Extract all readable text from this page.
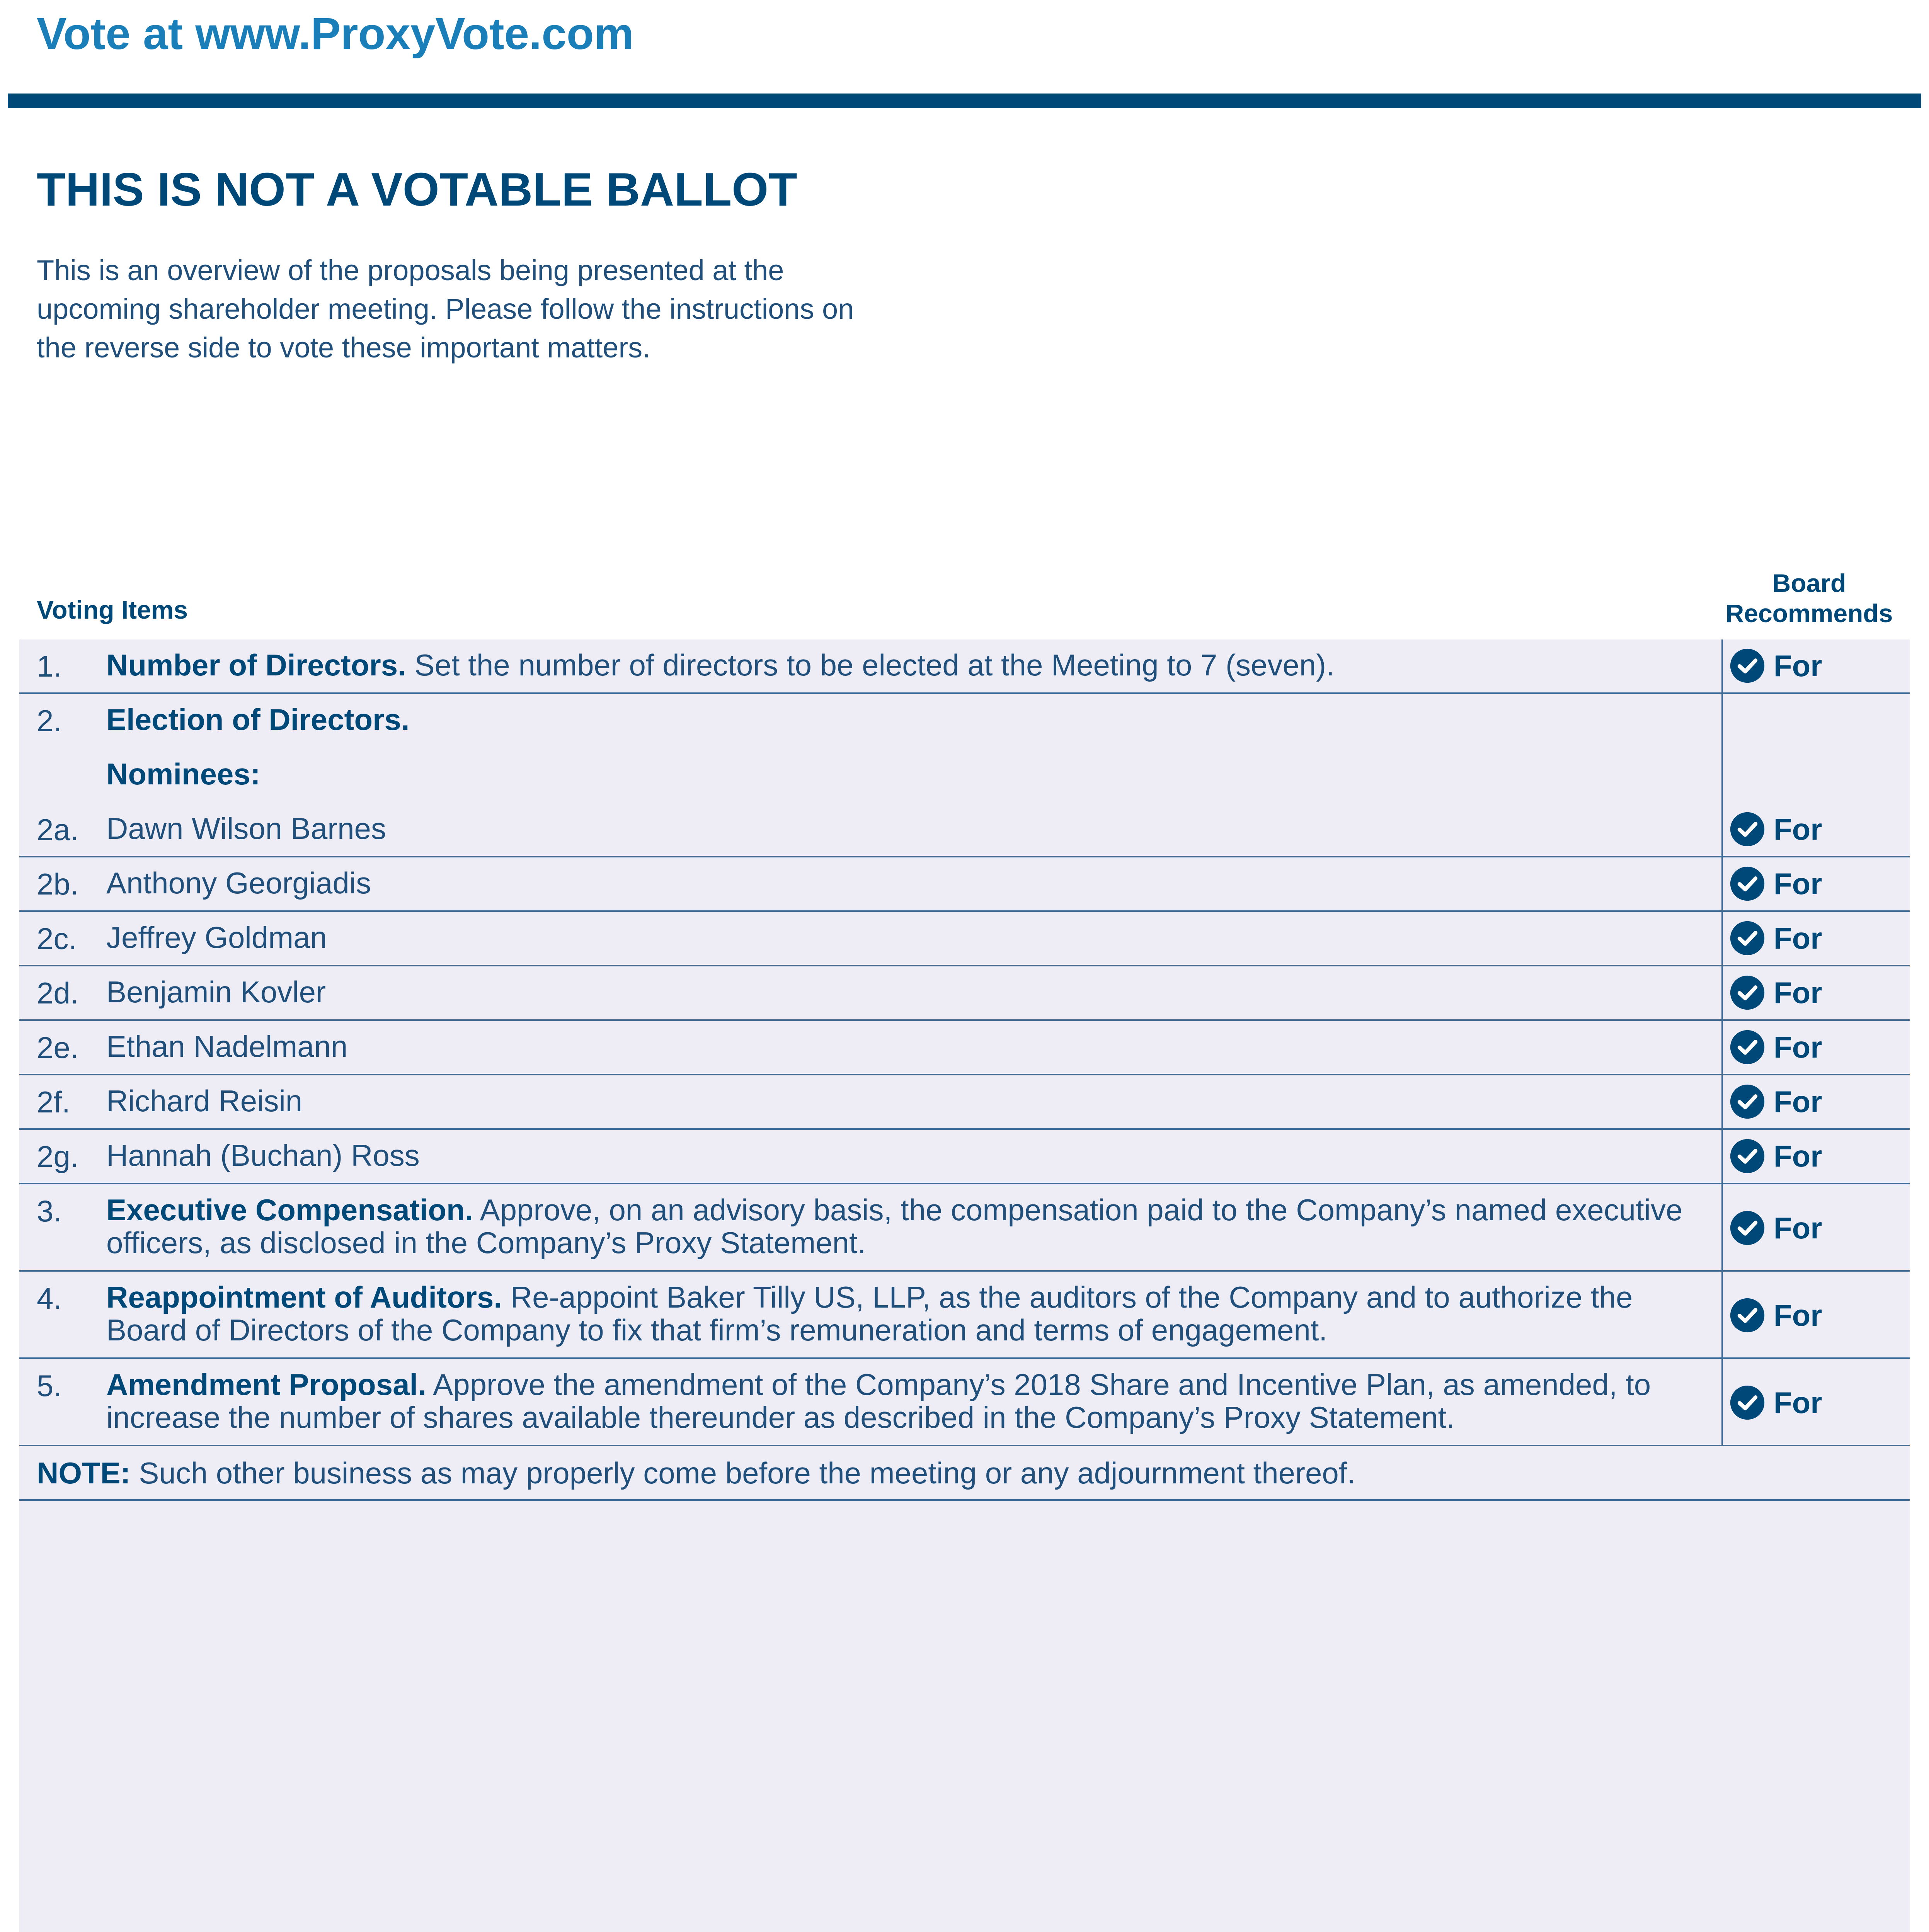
Vote at www.ProxyVote.com
THIS IS NOT A VOTABLE BALLOT
This is an overview of the proposals being presented at the
upcoming shareholder meeting. Please follow the instructions on
the reverse side to vote these important matters.
Voting Items
Board
Recommends
1. Number of Directors. Set the number of directors to be elected at the Meeting to 7 (seven).	For
2. Election of Directors.
Nominees:
2a. Dawn Wilson Barnes	For
2b. Anthony Georgiadis	For
2c. Jeffrey Goldman	For
2d. Benjamin Kovler	For
2e. Ethan Nadelmann	For
2f. Richard Reisin	For
2g. Hannah (Buchan) Ross	For
3. Executive Compensation. Approve, on an advisory basis, the compensation paid to the Company’s named executive officers, as disclosed in the Company’s Proxy Statement.	For
4. Reappointment of Auditors. Re-appoint Baker Tilly US, LLP, as the auditors of the Company and to authorize the Board of Directors of the Company to fix that firm’s remuneration and terms of engagement.	For
5. Amendment Proposal. Approve the amendment of the Company’s 2018 Share and Incentive Plan, as amended, to increase the number of shares available thereunder as described in the Company’s Proxy Statement.	For
NOTE: Such other business as may properly come before the meeting or any adjournment thereof.
